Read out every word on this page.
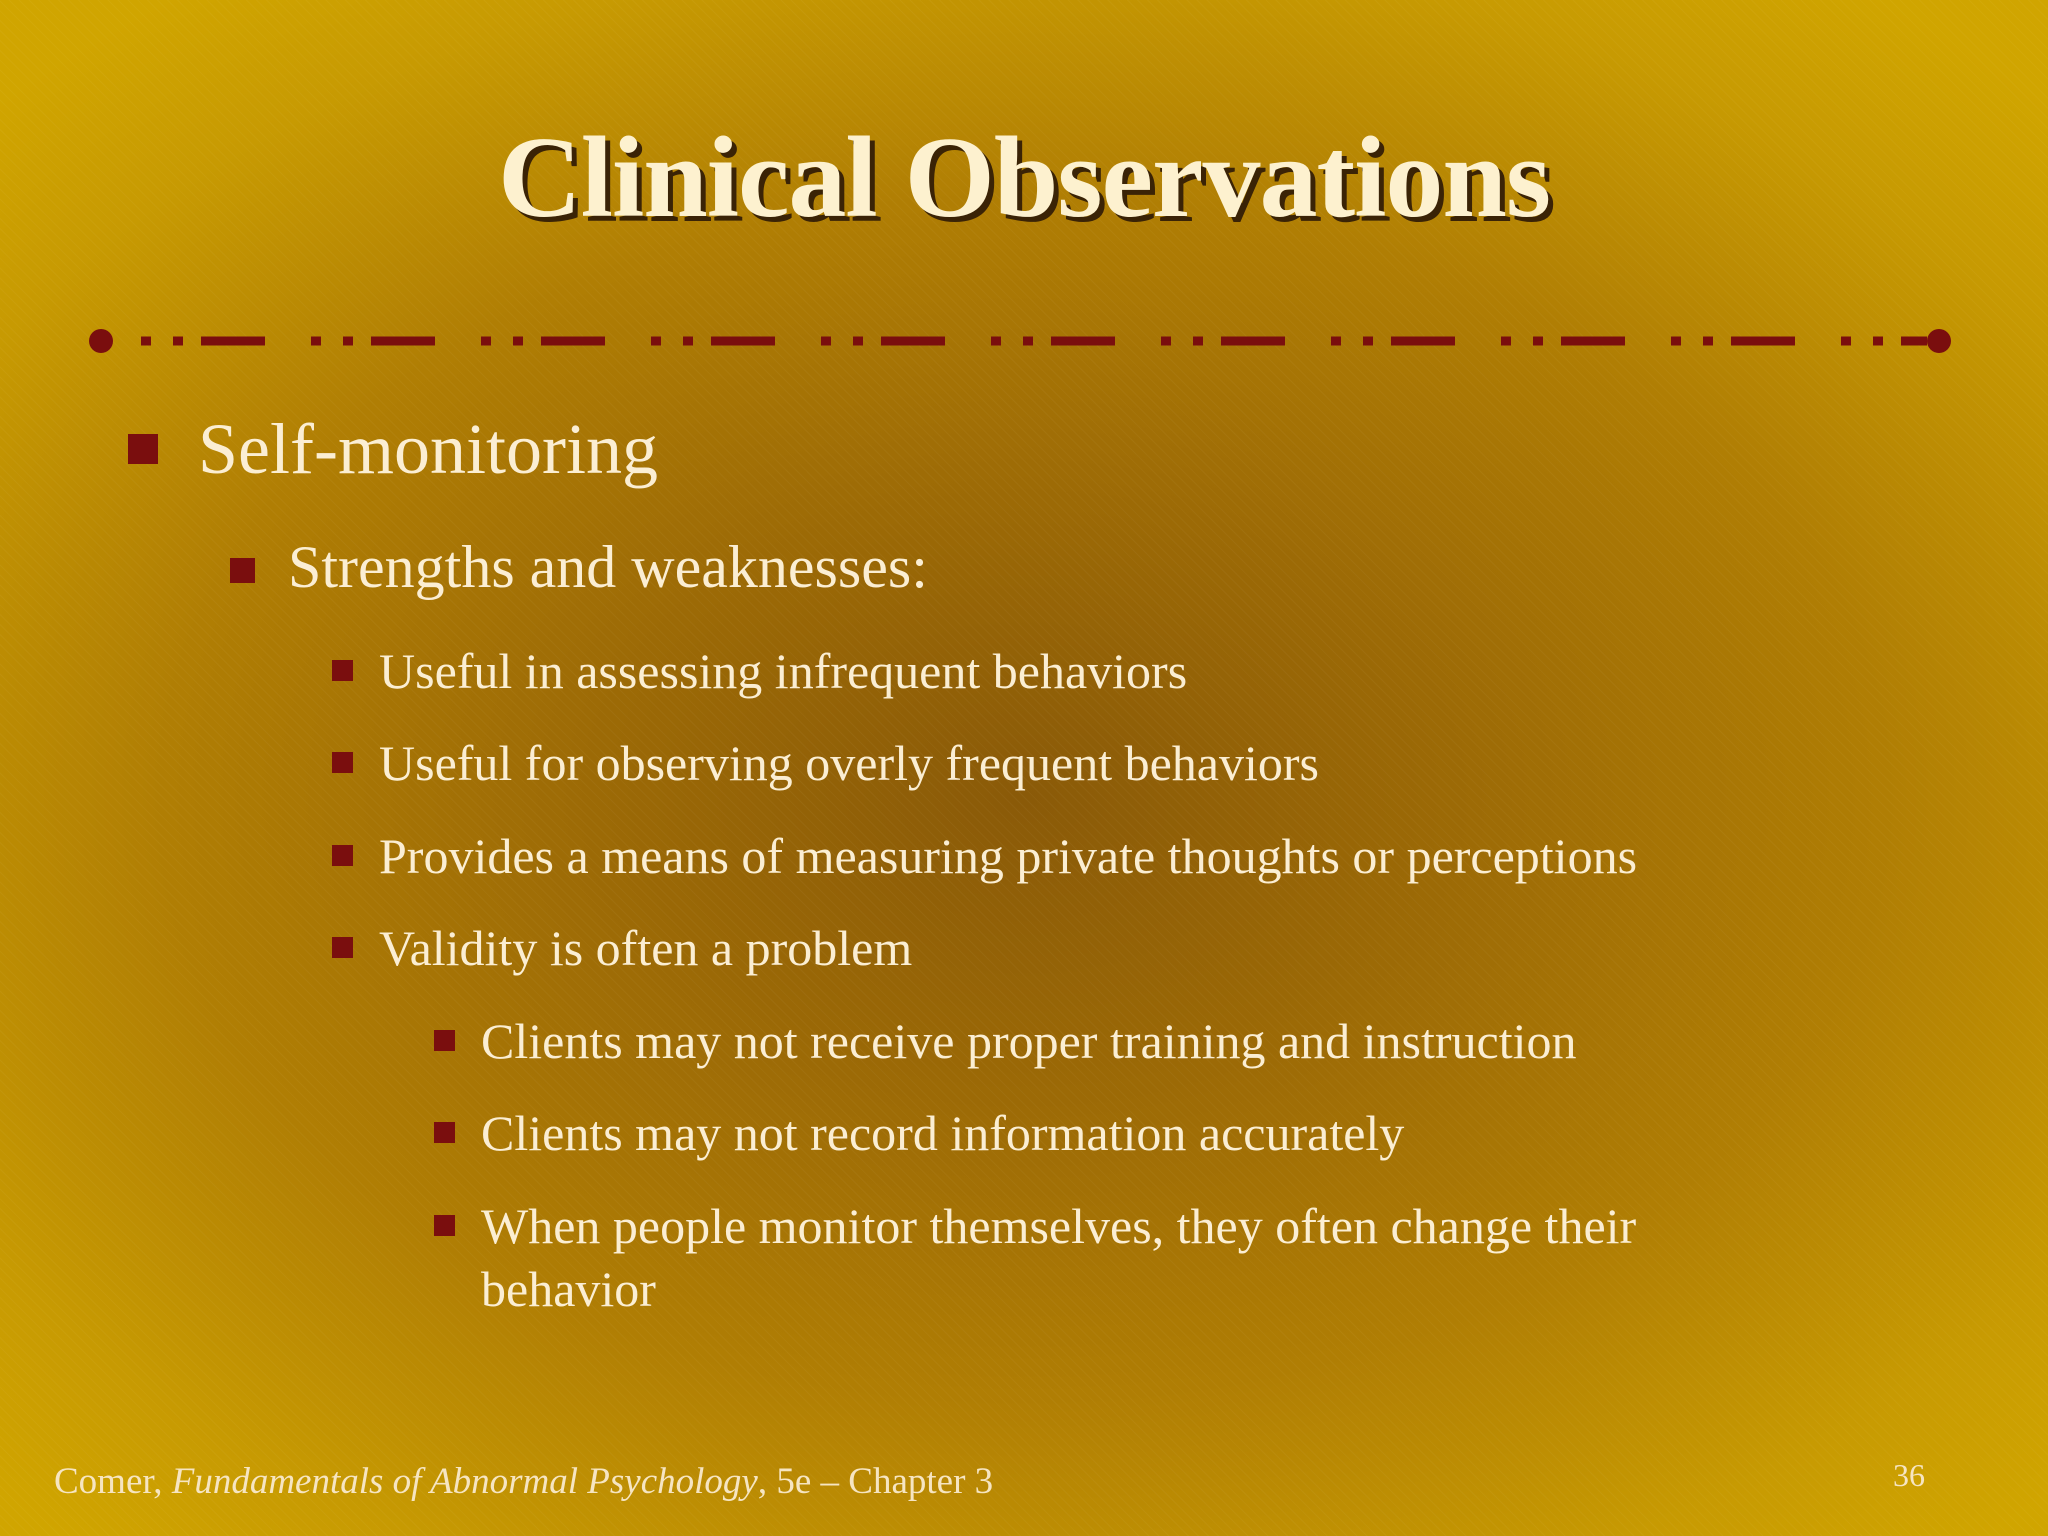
Clinical Observations
Self-monitoring
Strengths and weaknesses:
Useful in assessing infrequent behaviors
Useful for observing overly frequent behaviors
Provides a means of measuring private thoughts or perceptions
Validity is often a problem
Clients may not receive proper training and instruction
Clients may not record information accurately
When people monitor themselves, they often change their
behavior
Comer, Fundamentals of Abnormal Psychology, 5e – Chapter 3	36
